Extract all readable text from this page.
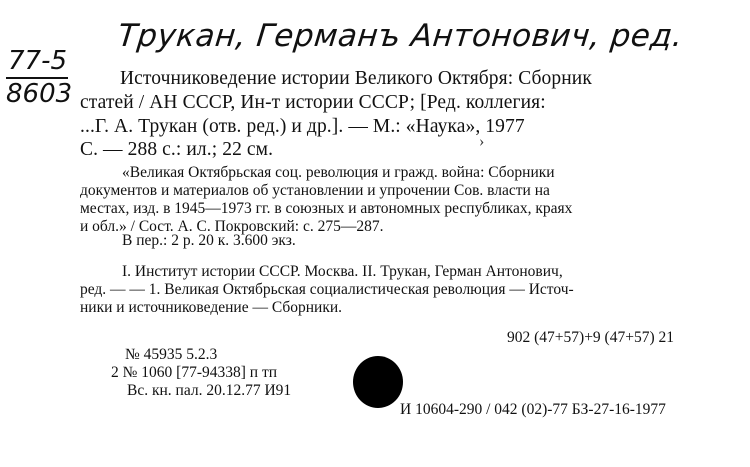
Трукан, Германъ Антонович, ред.
77-5
8603
Источниковедение истории Великого Октября: Сборник
статей / АН СССР, Ин-т истории СССР; [Ред. коллегия:
...Г. А. Трукан (отв. ред.) и др.]. — М.: «Наука», 1977
С. — 288 с.: ил.; 22 см.	›
«Великая Октябрьская соц. революция и гражд. война: Сборники
документов и материалов об установлении и упрочении Сов. власти на
местах, изд. в 1945—1973 гг. в союзных и автономных республиках, краях
и обл.» / Сост. А. С. Покровский: с. 275—287.
В пер.: 2 р. 20 к. 3.600 экз.
I. Институт истории СССР. Москва. II. Трукан, Герман Антонович,
ред. — — 1. Великая Октябрьская социалистическая революция — Источ-
ники и источниковедение — Сборники.
902 (47+57)+9 (47+57) 21
№ 45935 5.2.3
2 № 1060 [77-94338] п тп
Вс. кн. пал. 20.12.77 И91
И 10604-290 / 042 (02)-77 БЗ-27-16-1977
